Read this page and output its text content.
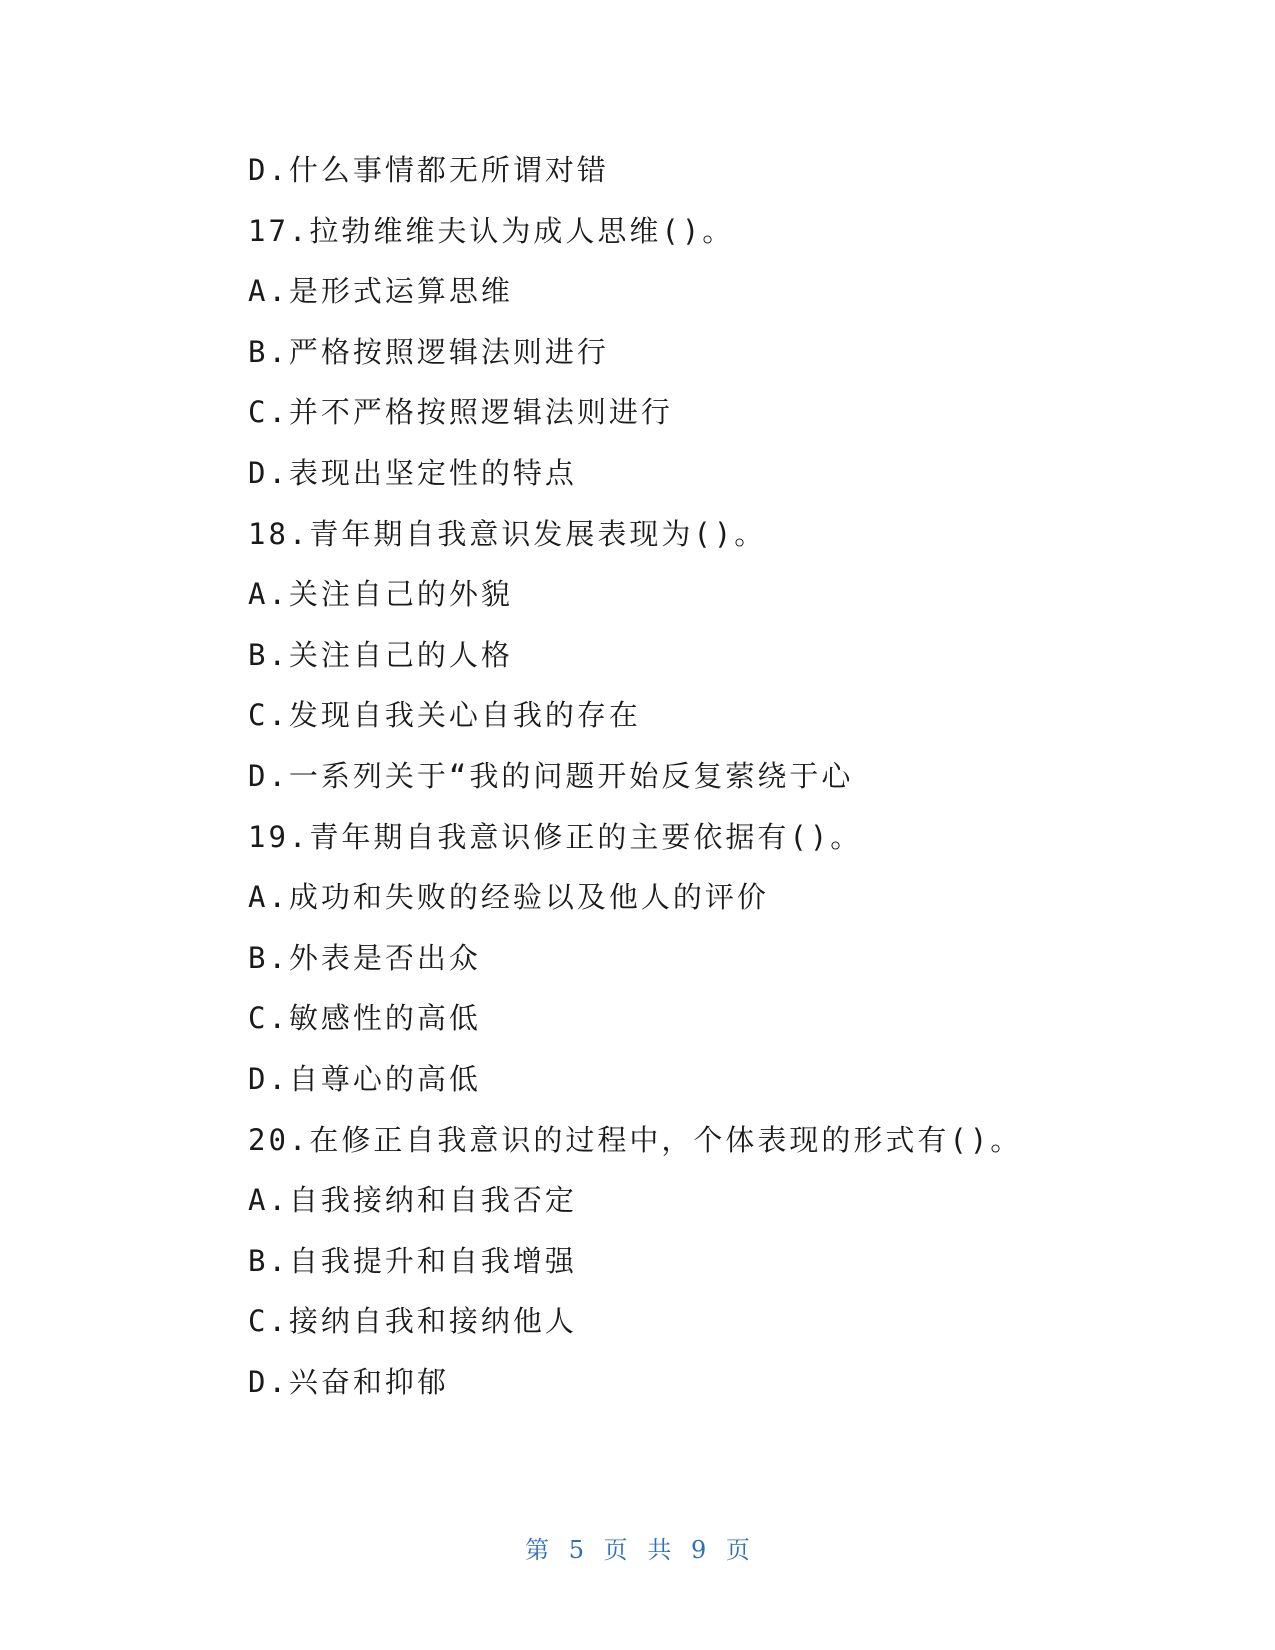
D.什么事情都无所谓对错
17.拉勃维维夫认为成人思维()。
A.是形式运算思维
B.严格按照逻辑法则进行
C.并不严格按照逻辑法则进行
D.表现出坚定性的特点
18.青年期自我意识发展表现为()。
A.关注自己的外貌
B.关注自己的人格
C.发现自我关心自我的存在
D.一系列关于“我的问题开始反复萦绕于心
19.青年期自我意识修正的主要依据有()。
A.成功和失败的经验以及他人的评价
B.外表是否出众
C.敏感性的高低
D.自尊心的高低
20.在修正自我意识的过程中，个体表现的形式有()。
A.自我接纳和自我否定
B.自我提升和自我增强
C.接纳自我和接纳他人
D.兴奋和抑郁
第 5 页 共 9 页
